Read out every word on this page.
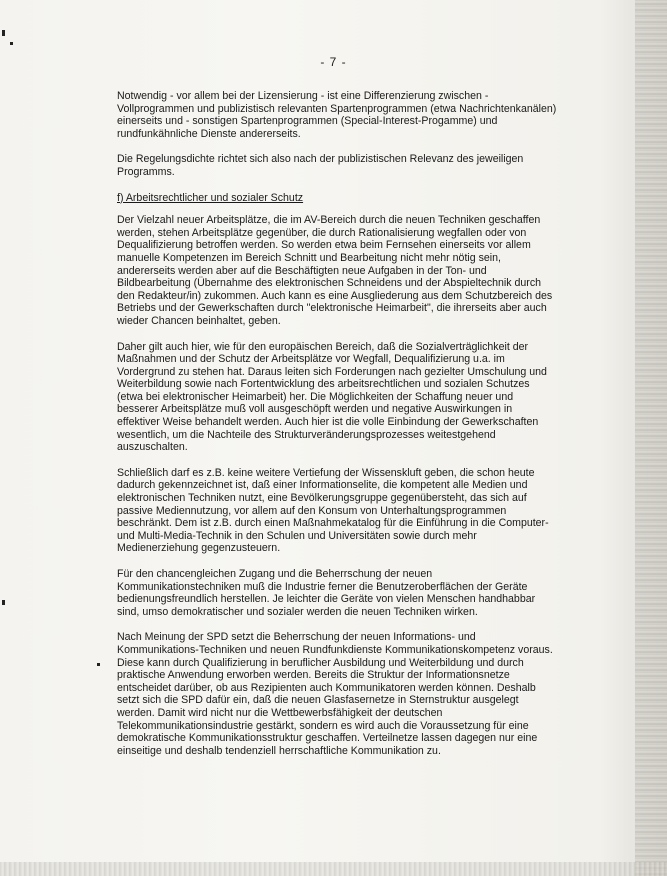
- 7 -

Notwendig - vor allem bei der Lizensierung - ist eine Differenzierung zwischen - Vollprogrammen und publizistisch relevanten Spartenprogrammen (etwa Nachrichtenkanälen) einerseits und - sonstigen Spartenprogrammen (Special-Interest-Progamme) und rundfunkähnliche Dienste andererseits.

Die Regelungsdichte richtet sich also nach der publizistischen Relevanz des jeweiligen Programms.

f) Arbeitsrechtlicher und sozialer Schutz

Der Vielzahl neuer Arbeitsplätze, die im AV-Bereich durch die neuen Techniken geschaffen werden, stehen Arbeitsplätze gegenüber, die durch Rationalisierung wegfallen oder von Dequalifizierung betroffen werden. So werden etwa beim Fernsehen einerseits vor allem manuelle Kompetenzen im Bereich Schnitt und Bearbeitung nicht mehr nötig sein, andererseits werden aber auf die Beschäftigten neue Aufgaben in der Ton- und Bildbearbeitung (Übernahme des elektronischen Schneidens und der Abspieltechnik durch den Redakteur/in) zukommen. Auch kann es eine Ausgliederung aus dem Schutzbereich des Betriebs und der Gewerkschaften durch "elektronische Heimarbeit", die ihrerseits aber auch wieder Chancen beinhaltet, geben.

Daher gilt auch hier, wie für den europäischen Bereich, daß die Sozialverträglichkeit der Maßnahmen und der Schutz der Arbeitsplätze vor Wegfall, Dequalifizierung u.a. im Vordergrund zu stehen hat. Daraus leiten sich Forderungen nach gezielter Umschulung und Weiterbildung sowie nach Fortentwicklung des arbeitsrechtlichen und sozialen Schutzes (etwa bei elektronischer Heimarbeit) her. Die Möglichkeiten der Schaffung neuer und besserer Arbeitsplätze muß voll ausgeschöpft werden und negative Auswirkungen in effektiver Weise behandelt werden. Auch hier ist die volle Einbindung der Gewerkschaften wesentlich, um die Nachteile des Strukturveränderungsprozesses weitestgehend auszuschalten.

Schließlich darf es z.B. keine weitere Vertiefung der Wissenskluft geben, die schon heute dadurch gekennzeichnet ist, daß einer Informationselite, die kompetent alle Medien und elektronischen Techniken nutzt, eine Bevölkerungsgruppe gegenübersteht, das sich auf passive Mediennutzung, vor allem auf den Konsum von Unterhaltungsprogrammen beschränkt. Dem ist z.B. durch einen Maßnahmekatalog für die Einführung in die Computer- und Multi-Media-Technik in den Schulen und Universitäten sowie durch mehr Medienerziehung gegenzusteuern.

Für den chancengleichen Zugang und die Beherrschung der neuen Kommunikationstechniken muß die Industrie ferner die Benutzeroberflächen der Geräte bedienungsfreundlich herstellen. Je leichter die Geräte von vielen Menschen handhabbar sind, umso demokratischer und sozialer werden die neuen Techniken wirken.

Nach Meinung der SPD setzt die Beherrschung der neuen Informations- und Kommunikations-Techniken und neuen Rundfunkdienste Kommunikationskompetenz voraus. Diese kann durch Qualifizierung in beruflicher Ausbildung und Weiterbildung und durch praktische Anwendung erworben werden. Bereits die Struktur der Informationsnetze entscheidet darüber, ob aus Rezipienten auch Kommunikatoren werden können. Deshalb setzt sich die SPD dafür ein, daß die neuen Glasfasernetze in Sternstruktur ausgelegt werden. Damit wird nicht nur die Wettbewerbsfähigkeit der deutschen Telekommunikationsindustrie gestärkt, sondern es wird auch die Voraussetzung für eine demokratische Kommunikationsstruktur geschaffen. Verteilnetze lassen dagegen nur eine einseitige und deshalb tendenziell herrschaftliche Kommunikation zu.
